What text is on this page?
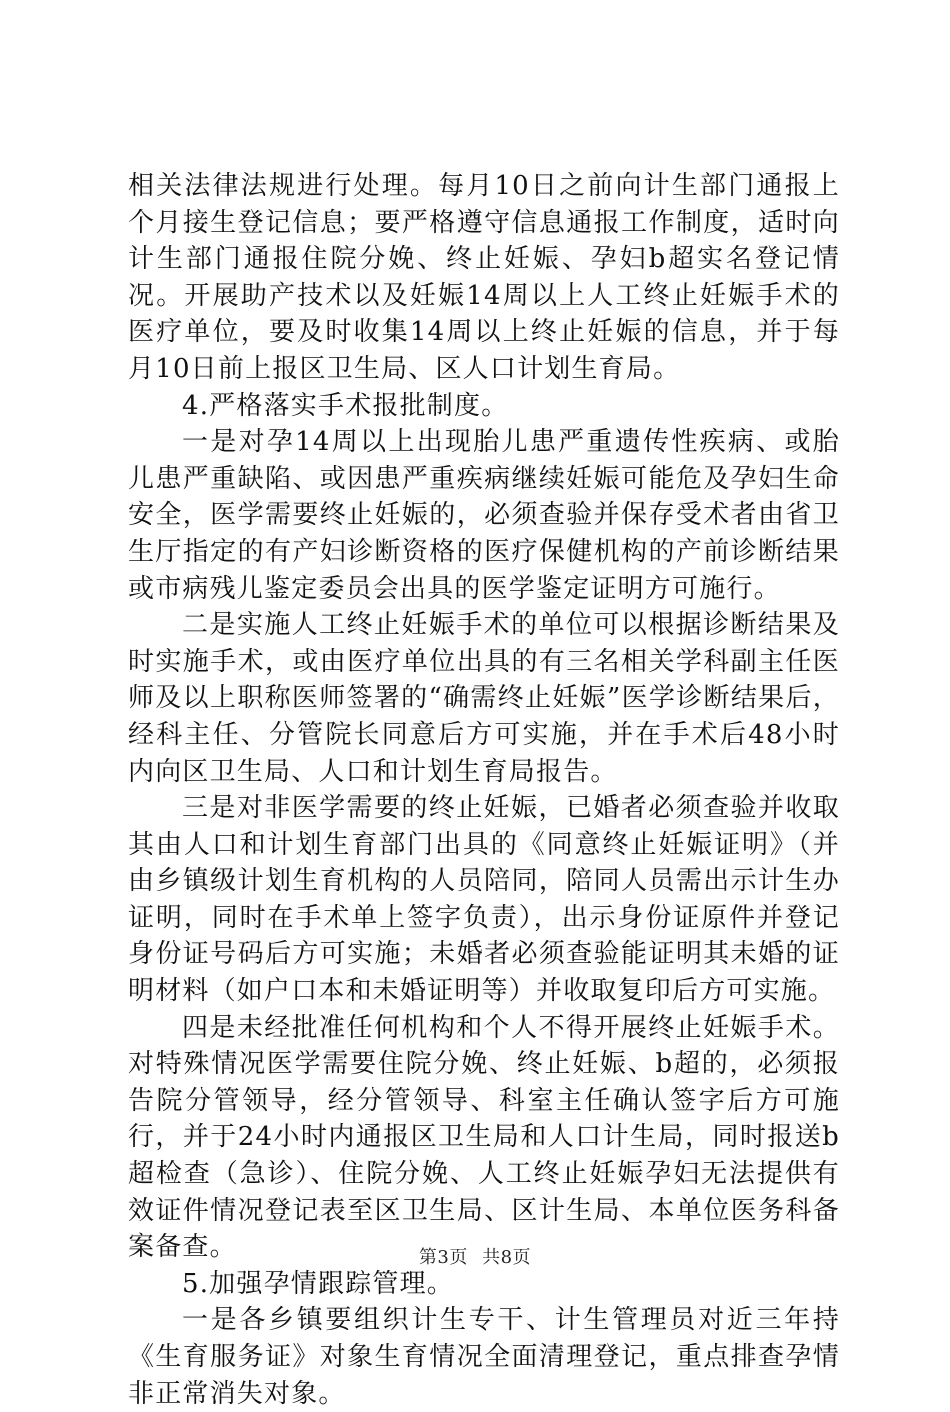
相关法律法规进行处理。每月10日之前向计生部门通报上个月接生登记信息；要严格遵守信息通报工作制度，适时向计生部门通报住院分娩、终止妊娠、孕妇b超实名登记情况。开展助产技术以及妊娠14周以上人工终止妊娠手术的医疗单位，要及时收集14周以上终止妊娠的信息，并于每月10日前上报区卫生局、区人口计划生育局。

4.严格落实手术报批制度。

一是对孕14周以上出现胎儿患严重遗传性疾病、或胎儿患严重缺陷、或因患严重疾病继续妊娠可能危及孕妇生命安全，医学需要终止妊娠的，必须查验并保存受术者由省卫生厅指定的有产妇诊断资格的医疗保健机构的产前诊断结果或市病残儿鉴定委员会出具的医学鉴定证明方可施行。

二是实施人工终止妊娠手术的单位可以根据诊断结果及时实施手术，或由医疗单位出具的有三名相关学科副主任医师及以上职称医师签署的“确需终止妊娠”医学诊断结果后，经科主任、分管院长同意后方可实施，并在手术后48小时内向区卫生局、人口和计划生育局报告。

三是对非医学需要的终止妊娠，已婚者必须查验并收取其由人口和计划生育部门出具的《同意终止妊娠证明》（并由乡镇级计划生育机构的人员陪同，陪同人员需出示计生办证明，同时在手术单上签字负责），出示身份证原件并登记身份证号码后方可实施；未婚者必须查验能证明其未婚的证明材料（如户口本和未婚证明等）并收取复印后方可实施。

四是未经批准任何机构和个人不得开展终止妊娠手术。对特殊情况医学需要住院分娩、终止妊娠、b超的，必须报告院分管领导，经分管领导、科室主任确认签字后方可施行，并于24小时内通报区卫生局和人口计生局，同时报送b超检查（急诊）、住院分娩、人工终止妊娠孕妇无法提供有效证件情况登记表至区卫生局、区计生局、本单位医务科备案备查。

5.加强孕情跟踪管理。

一是各乡镇要组织计生专干、计生管理员对近三年持《生育服务证》对象生育情况全面清理登记，重点排查孕情非正常消失对象。

第3页 共8页
